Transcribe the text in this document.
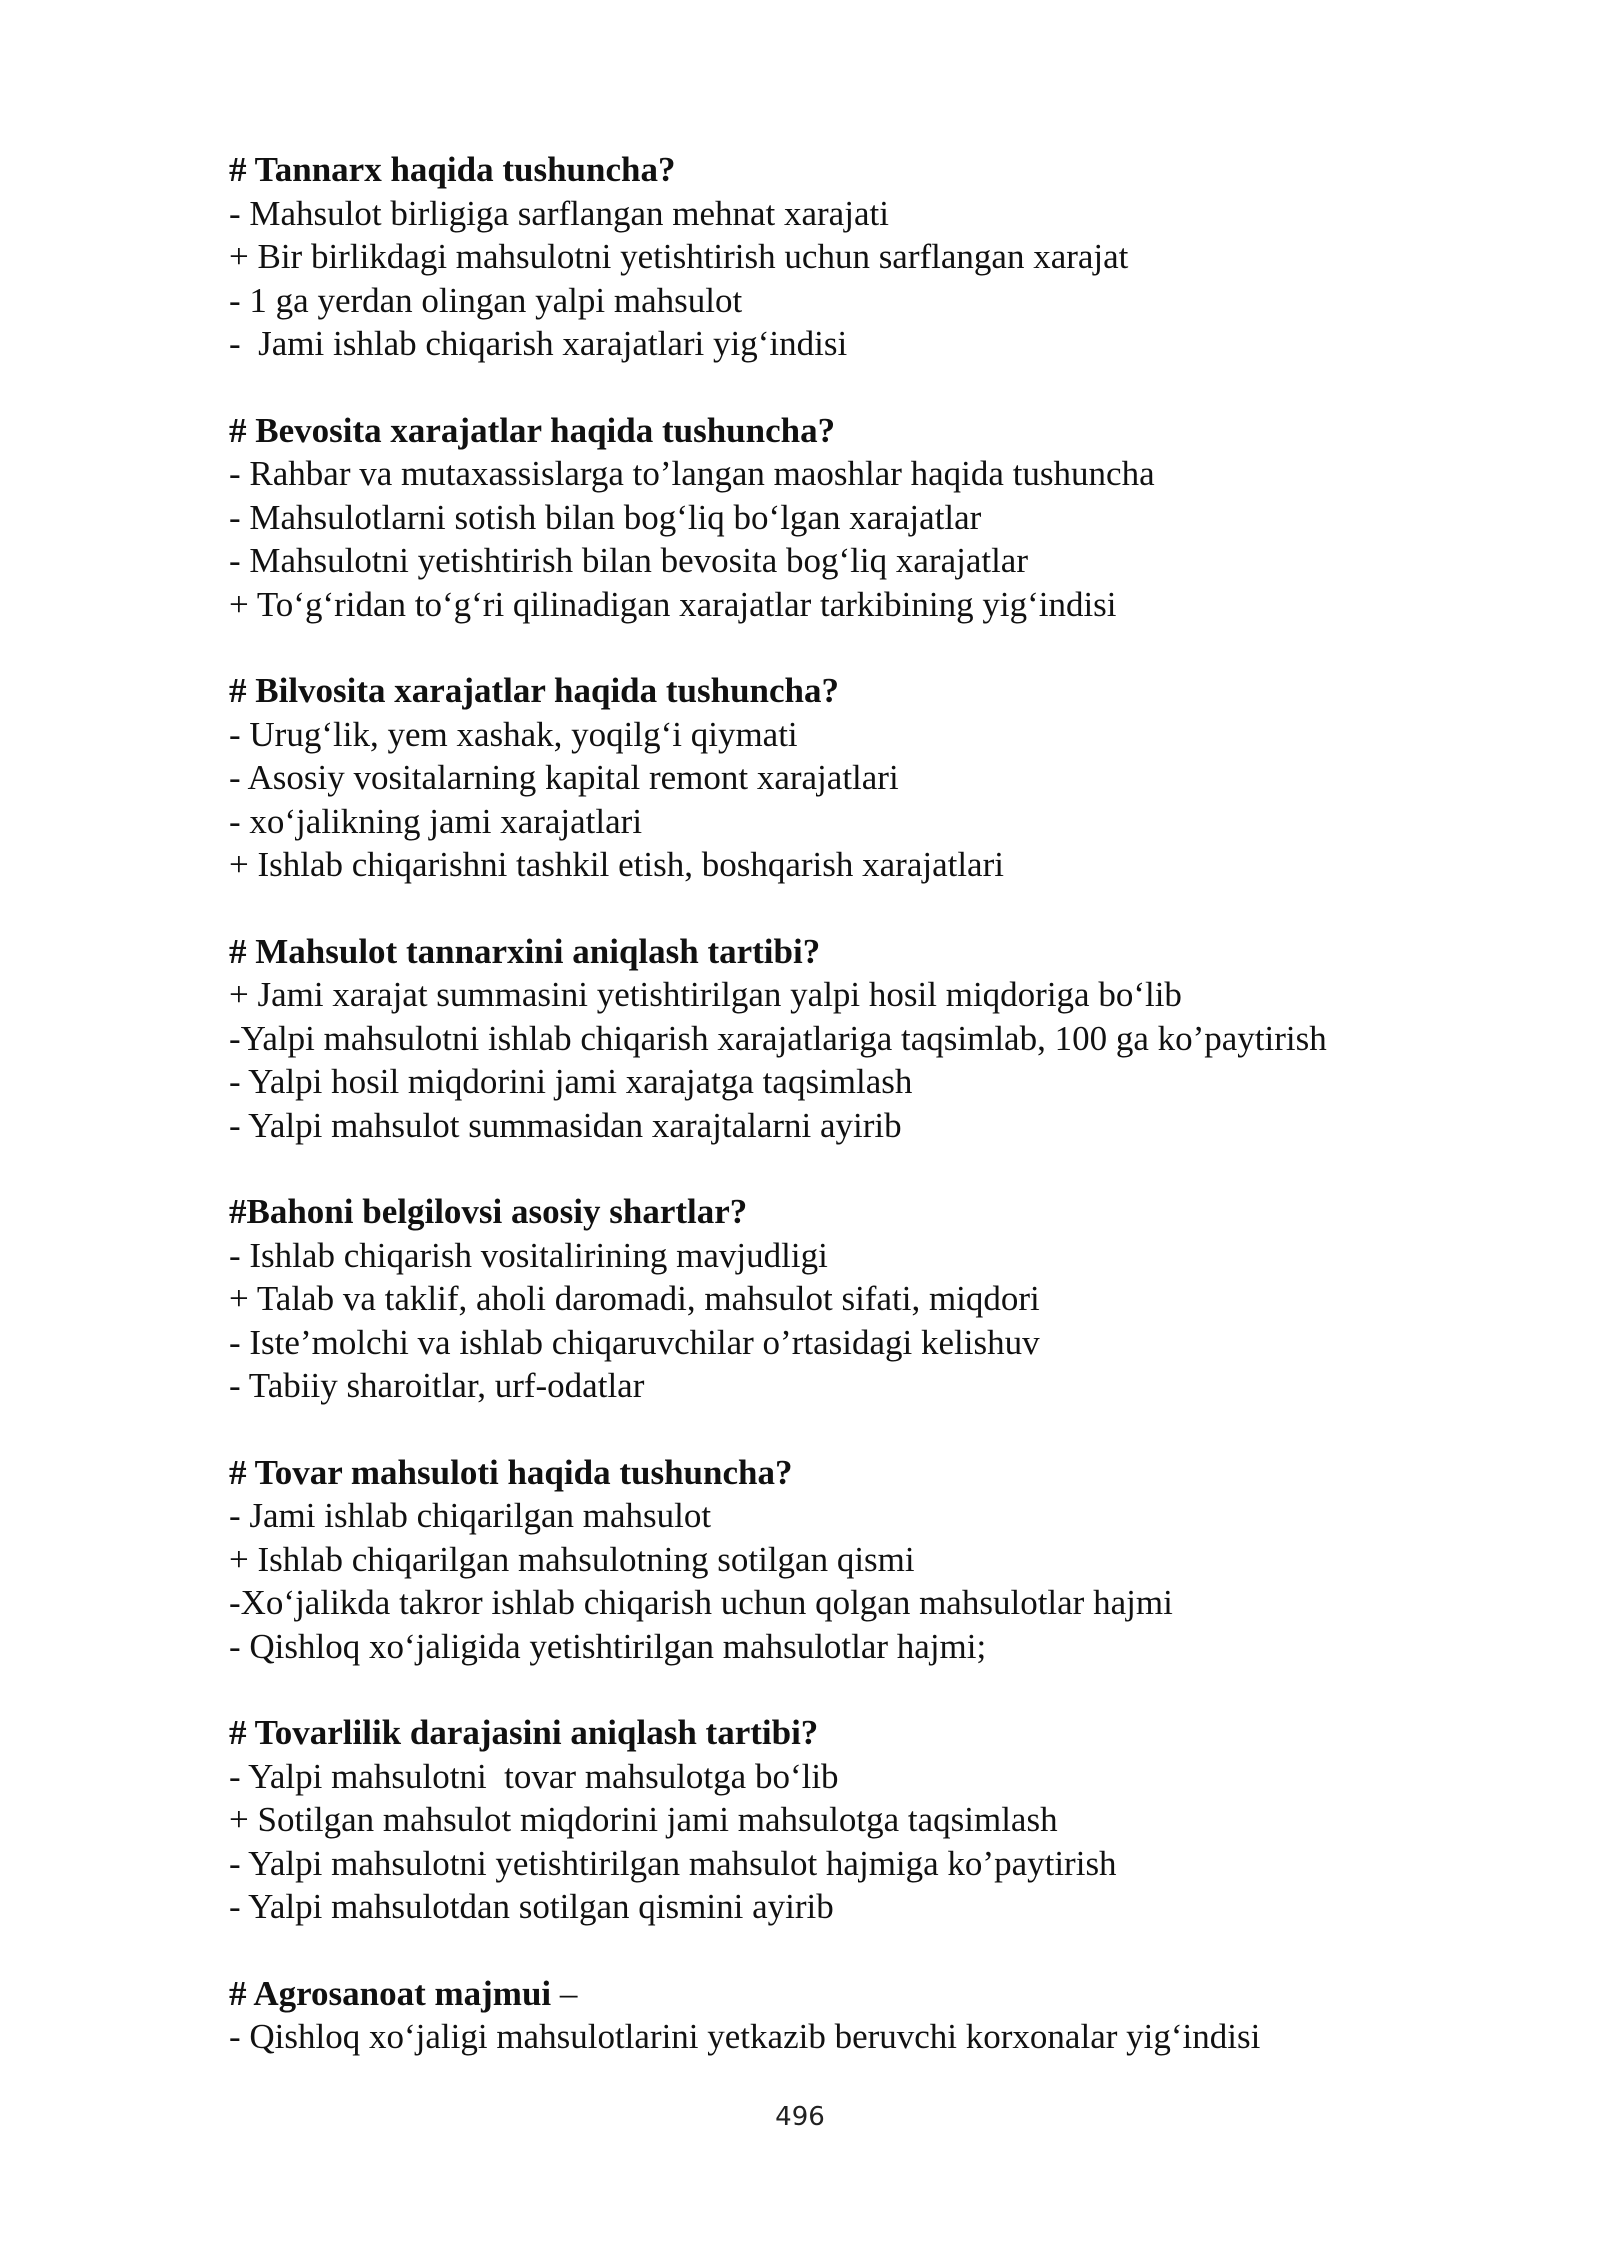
# Tannarx haqida tushuncha?
- Mahsulot birligiga sarflangan mehnat xarajati
+ Bir birlikdagi mahsulotni yetishtirish uchun sarflangan xarajat
- 1 ga yerdan olingan yalpi mahsulot
-  Jami ishlab chiqarish xarajatlari yig‘indisi
# Bevosita xarajatlar haqida tushuncha?
- Rahbar va mutaxassislarga to’langan maoshlar haqida tushuncha
- Mahsulotlarni sotish bilan bog‘liq bo‘lgan xarajatlar
- Mahsulotni yetishtirish bilan bevosita bog‘liq xarajatlar
+ To‘g‘ridan to‘g‘ri qilinadigan xarajatlar tarkibining yig‘indisi
# Bilvosita xarajatlar haqida tushuncha?
- Urug‘lik, yem xashak, yoqilg‘i qiymati
- Asosiy vositalarning kapital remont xarajatlari
- xo‘jalikning jami xarajatlari
+ Ishlab chiqarishni tashkil etish, boshqarish xarajatlari
# Mahsulot tannarxini aniqlash tartibi?
+ Jami xarajat summasini yetishtirilgan yalpi hosil miqdoriga bo‘lib
-Yalpi mahsulotni ishlab chiqarish xarajatlariga taqsimlab, 100 ga ko’paytirish
- Yalpi hosil miqdorini jami xarajatga taqsimlash
- Yalpi mahsulot summasidan xarajtalarni ayirib
#Bahoni belgilovsi asosiy shartlar?
- Ishlab chiqarish vositalirining mavjudligi
+ Talab va taklif, aholi daromadi, mahsulot sifati, miqdori
- Iste’molchi va ishlab chiqaruvchilar o’rtasidagi kelishuv
- Tabiiy sharoitlar, urf-odatlar
# Tovar mahsuloti haqida tushuncha?
- Jami ishlab chiqarilgan mahsulot
+ Ishlab chiqarilgan mahsulotning sotilgan qismi
-Xo‘jalikda takror ishlab chiqarish uchun qolgan mahsulotlar hajmi
- Qishloq xo‘jaligida yetishtirilgan mahsulotlar hajmi;
# Tovarlilik darajasini aniqlash tartibi?
- Yalpi mahsulotni  tovar mahsulotga bo‘lib
+ Sotilgan mahsulot miqdorini jami mahsulotga taqsimlash
- Yalpi mahsulotni yetishtirilgan mahsulot hajmiga ko’paytirish
- Yalpi mahsulotdan sotilgan qismini ayirib
# Agrosanoat majmui –
- Qishloq xo‘jaligi mahsulotlarini yetkazib beruvchi korxonalar yig‘indisi
496
